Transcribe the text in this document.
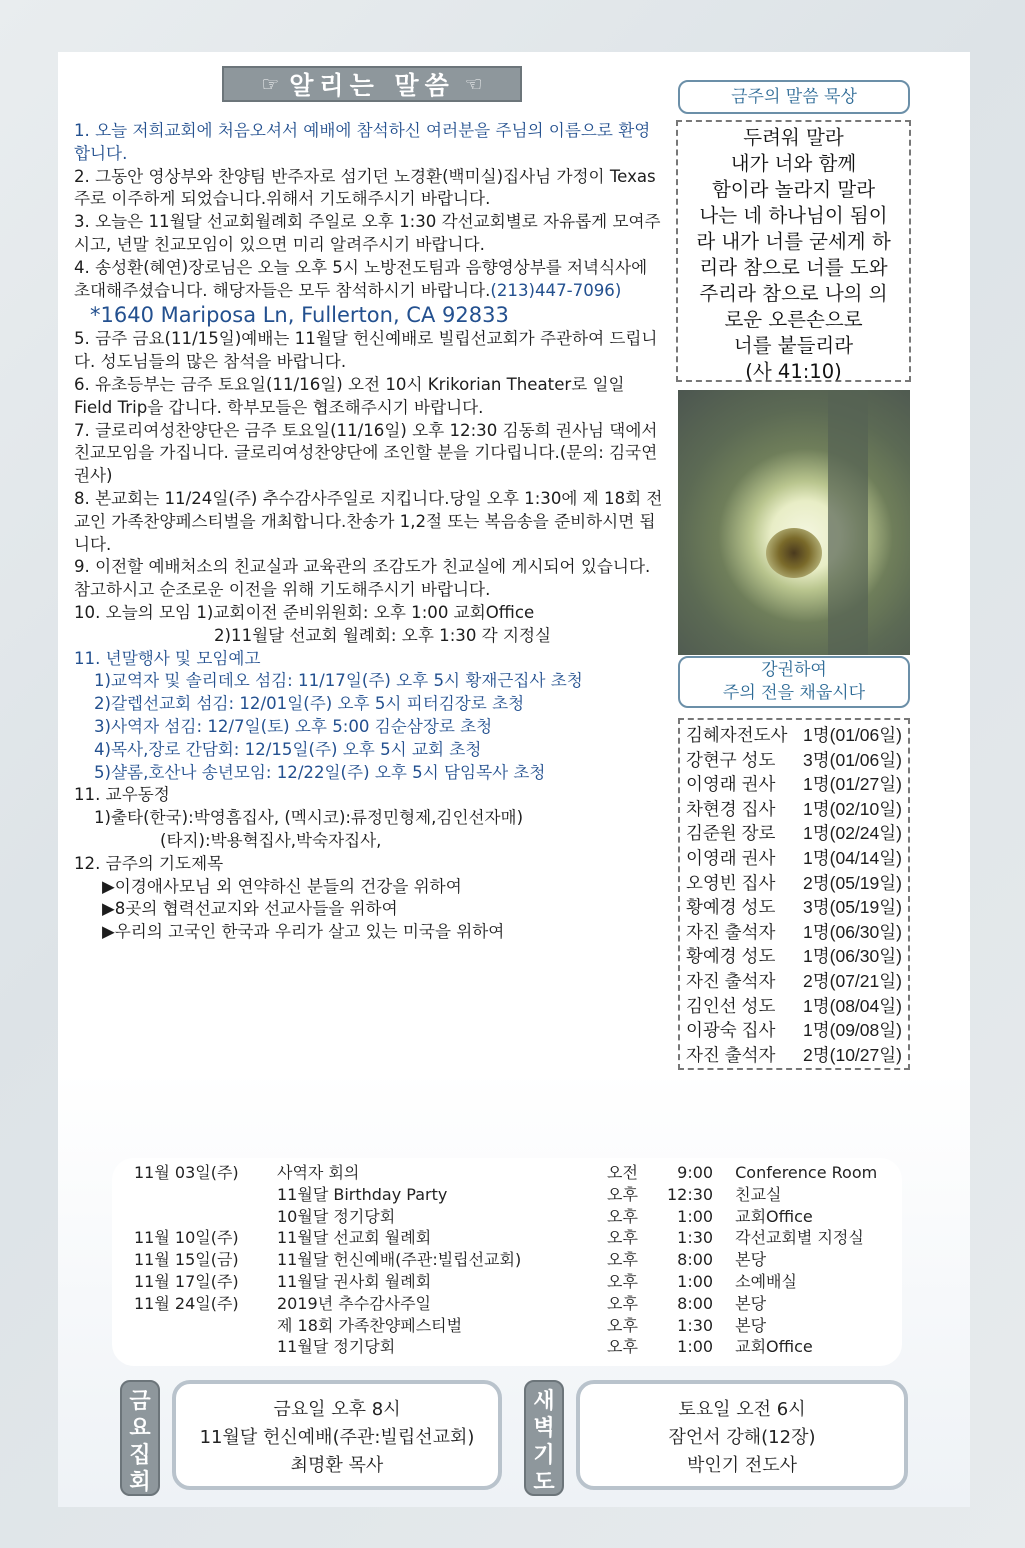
☞ 알리는 말씀 ☜

1. 오늘 저희교회에 처음오셔서 예배에 참석하신 여러분을 주님의 이름으로 환영합니다.

2. 그동안 영상부와 찬양팀 반주자로 섬기던 노경환(백미실)집사님 가정이 Texas주로 이주하게 되었습니다.위해서 기도해주시기 바랍니다.

3. 오늘은 11월달 선교회월례회 주일로 오후 1:30 각선교회별로 자유롭게 모여주시고, 년말 친교모임이 있으면 미리 알려주시기 바랍니다.

4. 송성환(혜연)장로님은 오늘 오후 5시 노방전도팀과 음향영상부를 저녁식사에 초대해주셨습니다. 해당자들은 모두 참석하시기 바랍니다.(213)447-7096)

*1640 Mariposa Ln, Fullerton, CA 92833

5. 금주 금요(11/15일)예배는 11월달 헌신예배로 빌립선교회가 주관하여 드립니다. 성도님들의 많은 참석을 바랍니다.

6. 유초등부는 금주 토요일(11/16일) 오전 10시 Krikorian Theater로 일일 Field Trip을 갑니다. 학부모들은 협조해주시기 바랍니다.

7. 글로리여성찬양단은 금주 토요일(11/16일) 오후 12:30 김동희 권사님 댁에서 친교모임을 가집니다. 글로리여성찬양단에 조인할 분을 기다립니다.(문의: 김국연 권사)

8. 본교회는 11/24일(주) 추수감사주일로 지킵니다.당일 오후 1:30에 제 18회 전교인 가족찬양페스티벌을 개최합니다.찬송가 1,2절 또는 복음송을 준비하시면 됩니다.

9. 이전할 예배처소의 친교실과 교육관의 조감도가 친교실에 게시되어 있습니다. 참고하시고 순조로운 이전을 위해 기도해주시기 바랍니다.

10. 오늘의 모임 1)교회이전 준비위원회: 오후 1:00 교회Office

2)11월달 선교회 월례회: 오후 1:30 각 지정실

11. 년말행사 및 모임예고

1)교역자 및 솔리데오 섬김: 11/17일(주) 오후 5시 황재근집사 초청

2)갈렙선교회 섬김: 12/01일(주) 오후 5시 피터김장로 초청

3)사역자 섬김: 12/7일(토) 오후 5:00 김순삼장로 초청

4)목사,장로 간담회: 12/15일(주) 오후 5시 교회 초청

5)샬롬,호산나 송년모임: 12/22일(주) 오후 5시 담임목사 초청

11. 교우동정

1)출타(한국):박영흠집사, (멕시코):류정민형제,김인선자매)

(타지):박용혁집사,박숙자집사,

12. 금주의 기도제목

▶이경애사모님 외 연약하신 분들의 건강을 위하여

▶8곳의 협력선교지와 선교사들을 위하여

▶우리의 고국인 한국과 우리가 살고 있는 미국을 위하여

금주의 말씀 묵상
두려워 말라
내가 너와 함께
함이라 놀라지 말라
나는 네 하나님이 됨이
라 내가 너를 굳세게 하
리라 참으로 너를 도와
주리라 참으로 나의 의
로운 오른손으로
너를 붙들리라
(사 41:10)
강권하여
주의 전을 채웁시다
김혜자전도사 1명(01/06일)
강현구 성도 3명(01/06일)
이영래 권사 1명(01/27일)
차현경 집사 1명(02/10일)
김준원 장로 1명(02/24일)
이영래 권사 1명(04/14일)
오영빈 집사 2명(05/19일)
황예경 성도 3명(05/19일)
자진 출석자 1명(06/30일)
황예경 성도 1명(06/30일)
자진 출석자 2명(07/21일)
김인선 성도 1명(08/04일)
이광숙 집사 1명(09/08일)
자진 출석자 2명(10/27일)
11월 03일(주)	사역자 회의	오전	9:00	Conference Room
	11월달 Birthday Party	오후	12:30	친교실
	10월달 정기당회	오후	1:00	교회Office
11월 10일(주)	11월달 선교회 월례회	오후	1:30	각선교회별 지정실
11월 15일(금)	11월달 헌신예배(주관:빌립선교회)	오후	8:00	본당
11월 17일(주)	11월달 권사회 월례회	오후	1:00	소예배실
11월 24일(주)	2019년 추수감사주일	오후	8:00	본당
	제 18회 가족찬양페스티벌	오후	1:30	본당
	11월달 정기당회	오후	1:00	교회Office
금
요
집
회
금요일 오후 8시
11월달 헌신예배(주관:빌립선교회)
최명환 목사
새
벽
기
도
토요일 오전 6시
잠언서 강해(12장)
박인기 전도사
